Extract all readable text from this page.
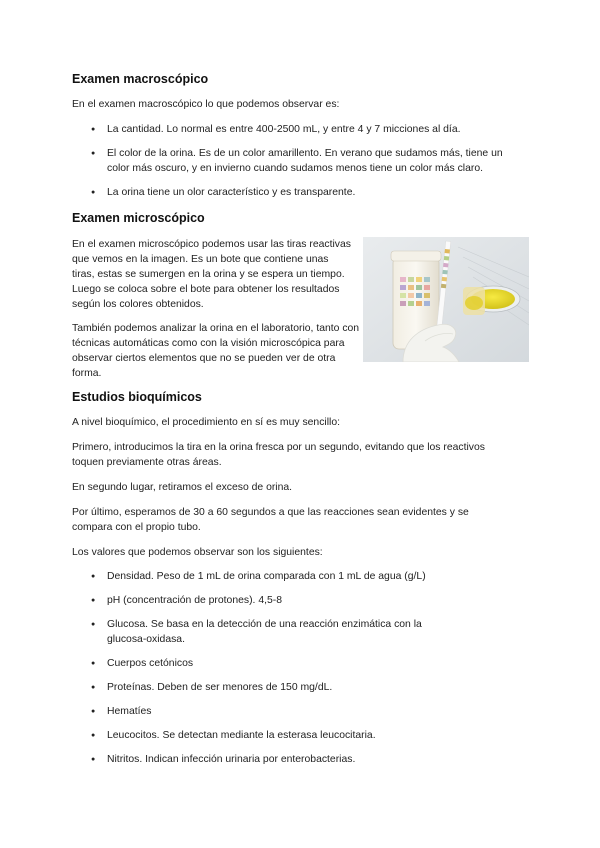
Examen macroscópico

En el examen macroscópico lo que podemos observar es:

● La cantidad. Lo normal es entre 400-2500 mL, y entre 4 y 7 micciones al día.
● El color de la orina. Es de un color amarillento. En verano que sudamos más, tiene un color más oscuro, y en invierno cuando sudamos menos tiene un color más claro.
● La orina tiene un olor característico y es transparente.
Examen microscópico

En el examen microscópico podemos usar las tiras reactivas que vemos en la imagen. Es un bote que contiene unas tiras, estas se sumergen en la orina y se espera un tiempo. Luego se coloca sobre el bote para obtener los resultados según los colores obtenidos.

También podemos analizar la orina en el laboratorio, tanto con técnicas automáticas como con la visión microscópica para observar ciertos elementos que no se pueden ver de otra forma.

Estudios bioquímicos

A nivel bioquímico, el procedimiento en sí es muy sencillo:

Primero, introducimos la tira en la orina fresca por un segundo, evitando que los reactivos toquen previamente otras áreas.

En segundo lugar, retiramos el exceso de orina.

Por último, esperamos de 30 a 60 segundos a que las reacciones sean evidentes y se compara con el propio tubo.

Los valores que podemos observar son los siguientes:

● Densidad. Peso de 1 mL de orina comparada con 1 mL de agua (g/L)
● pH (concentración de protones). 4,5-8
● Glucosa. Se basa en la detección de una reacción enzimática con la glucosa-oxidasa.
● Cuerpos cetónicos
● Proteínas. Deben de ser menores de 150 mg/dL.
● Hematíes
● Leucocitos. Se detectan mediante la esterasa leucocitaria.
● Nitritos. Indican infección urinaria por enterobacterias.
